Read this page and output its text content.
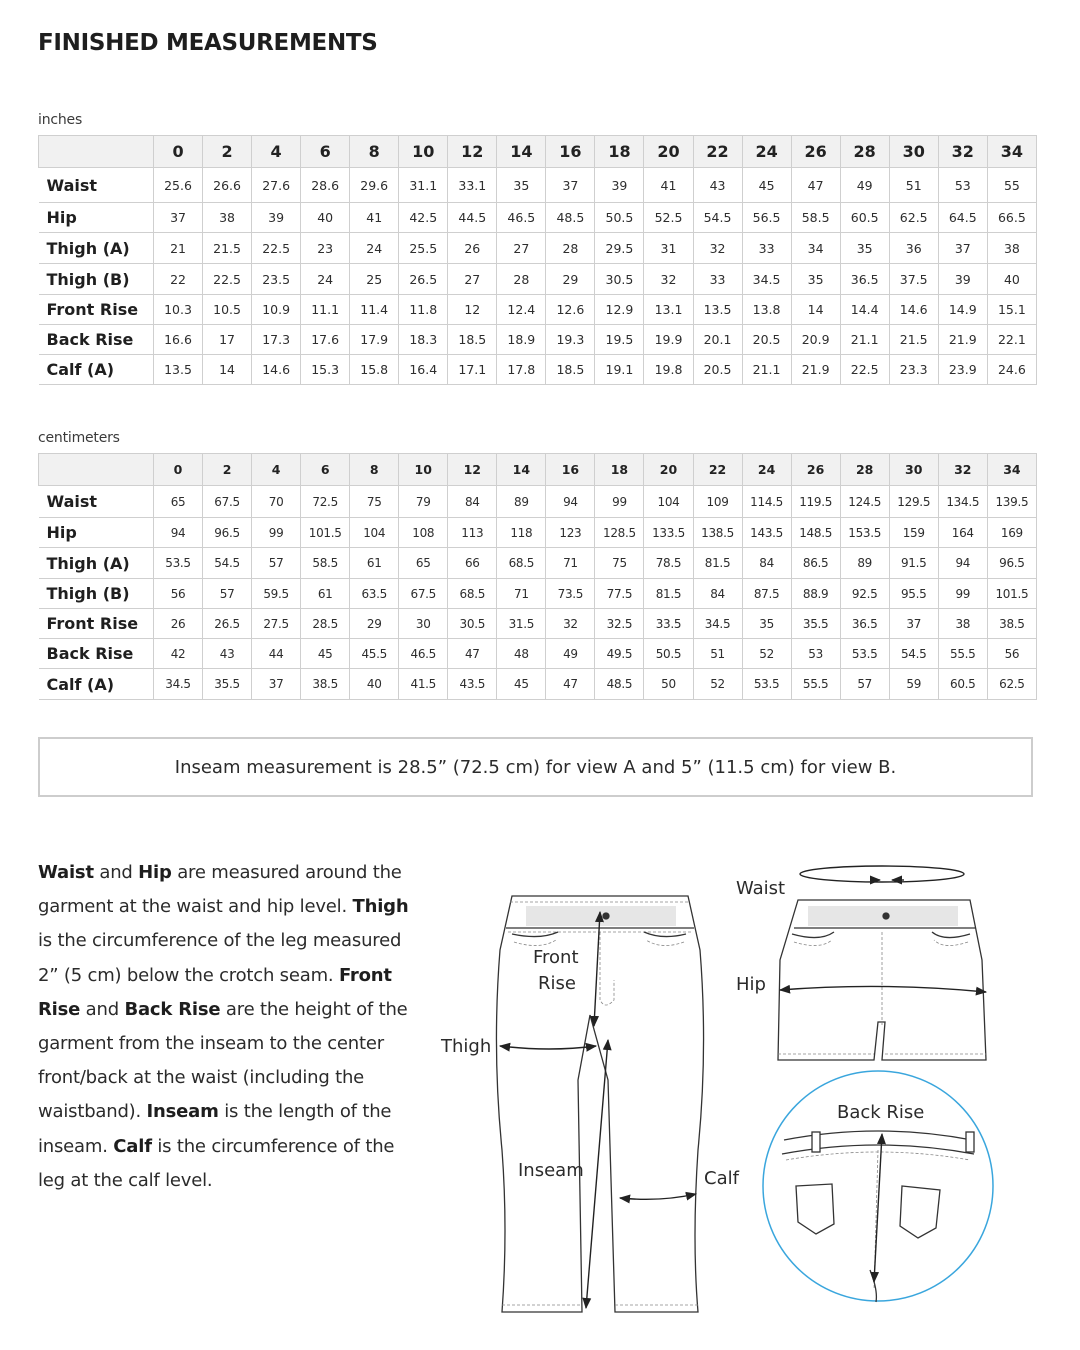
FINISHED MEASUREMENTS
inches
	0	2	4	6	8	10	12	14	16	18	20	22	24	26	28	30	32	34
Waist	25.6	26.6	27.6	28.6	29.6	31.1	33.1	35	37	39	41	43	45	47	49	51	53	55
Hip	37	38	39	40	41	42.5	44.5	46.5	48.5	50.5	52.5	54.5	56.5	58.5	60.5	62.5	64.5	66.5
Thigh (A)	21	21.5	22.5	23	24	25.5	26	27	28	29.5	31	32	33	34	35	36	37	38
Thigh (B)	22	22.5	23.5	24	25	26.5	27	28	29	30.5	32	33	34.5	35	36.5	37.5	39	40
Front Rise	10.3	10.5	10.9	11.1	11.4	11.8	12	12.4	12.6	12.9	13.1	13.5	13.8	14	14.4	14.6	14.9	15.1
Back Rise	16.6	17	17.3	17.6	17.9	18.3	18.5	18.9	19.3	19.5	19.9	20.1	20.5	20.9	21.1	21.5	21.9	22.1
Calf (A)	13.5	14	14.6	15.3	15.8	16.4	17.1	17.8	18.5	19.1	19.8	20.5	21.1	21.9	22.5	23.3	23.9	24.6
centimeters
	0	2	4	6	8	10	12	14	16	18	20	22	24	26	28	30	32	34
Waist	65	67.5	70	72.5	75	79	84	89	94	99	104	109	114.5	119.5	124.5	129.5	134.5	139.5
Hip	94	96.5	99	101.5	104	108	113	118	123	128.5	133.5	138.5	143.5	148.5	153.5	159	164	169
Thigh (A)	53.5	54.5	57	58.5	61	65	66	68.5	71	75	78.5	81.5	84	86.5	89	91.5	94	96.5
Thigh (B)	56	57	59.5	61	63.5	67.5	68.5	71	73.5	77.5	81.5	84	87.5	88.9	92.5	95.5	99	101.5
Front Rise	26	26.5	27.5	28.5	29	30	30.5	31.5	32	32.5	33.5	34.5	35	35.5	36.5	37	38	38.5
Back Rise	42	43	44	45	45.5	46.5	47	48	49	49.5	50.5	51	52	53	53.5	54.5	55.5	56
Calf (A)	34.5	35.5	37	38.5	40	41.5	43.5	45	47	48.5	50	52	53.5	55.5	57	59	60.5	62.5
Inseam measurement is 28.5” (72.5 cm) for view A and 5” (11.5 cm) for view B.
Waist and Hip are measured around the garment at the waist and hip level. Thigh is the circumference of the leg measured 2” (5 cm) below the crotch seam. Front Rise and Back Rise are the height of the garment from the inseam to the center front/back at the waist (including the waistband). Inseam is the length of the inseam. Calf is the circumference of the leg at the calf level.
Front
Rise
Thigh
Inseam	Calf
Waist
Hip
Back Rise
